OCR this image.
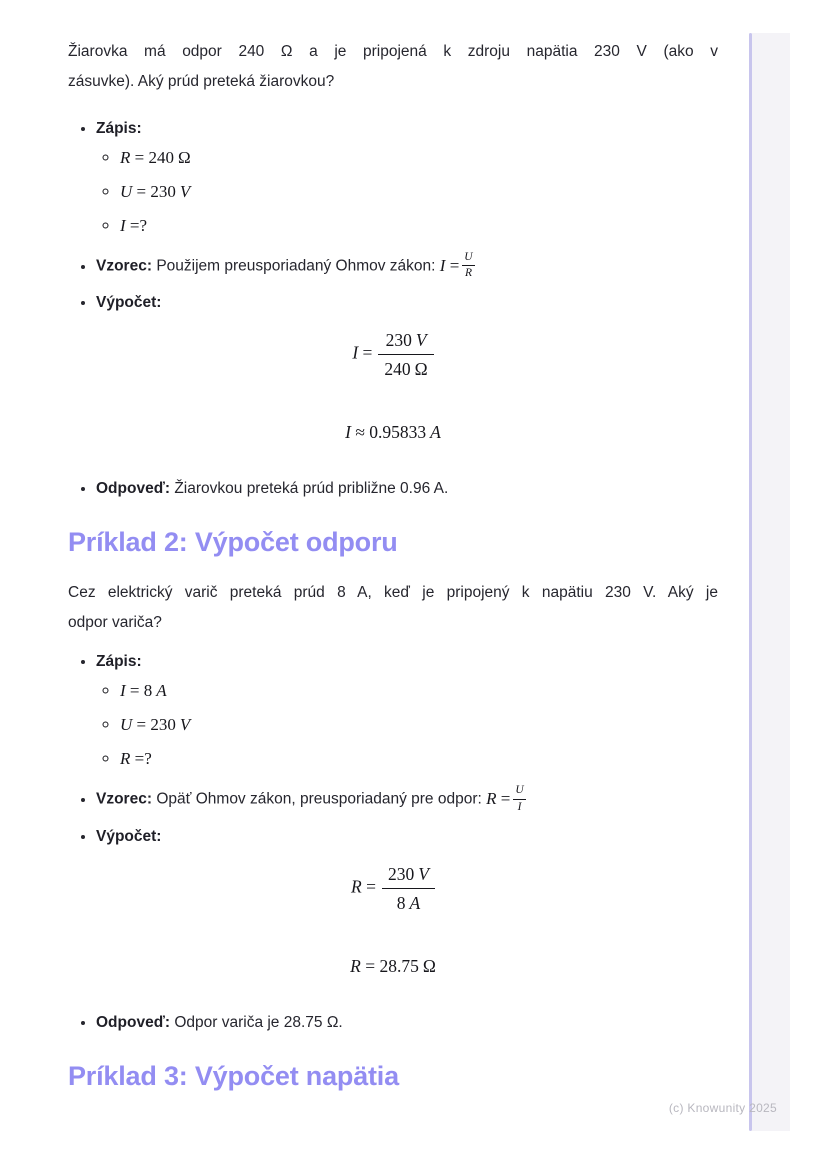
Žiarovka má odpor 240 Ω a je pripojená k zdroju napätia 230 V (ako v
zásuvke). Aký prúd preteká žiarovkou?

• Zápis:
◦ R = 240 Ω
◦ U = 230 V
◦ I =?
• Vzorec: Použijem preusporiadaný Ohmov zákon: $I = \frac{U}{R}$
• Výpočet:
$I = \frac{230 V}{240 \Omega}$
I ≈ 0.95833 A
• Odpoveď: Žiarovkou preteká prúd približne 0.96 A.
Príklad 2: Výpočet odporu

Cez elektrický varič preteká prúd 8 A, keď je pripojený k napätiu 230 V. Aký je
odpor variča?

• Zápis:
◦ I = 8 A
◦ U = 230 V
◦ R =?
• Vzorec: Opäť Ohmov zákon, preusporiadaný pre odpor: $R = \frac{U}{I}$
• Výpočet:
$R = \frac{230 V}{8 A}$
R = 28.75 Ω
• Odpoveď: Odpor variča je 28.75 Ω.
Príklad 3: Výpočet napätia
(c) Knowunity 2025
